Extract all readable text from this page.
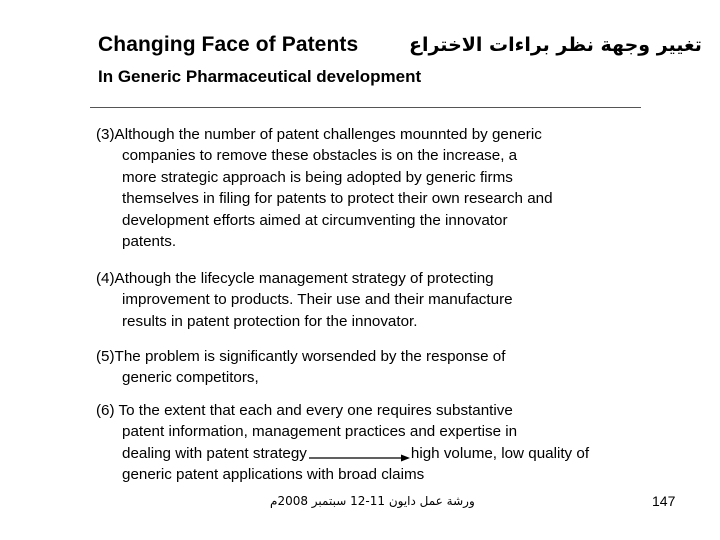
Changing Face of Patents	تغيير وجهة نظر براءات الاختراع
In Generic Pharmaceutical development
(3)Although the number of patent challenges mounnted by generic
companies to remove these obstacles is on the increase, a
more strategic approach is being adopted by generic firms
themselves in filing for patents to protect their own research and
development efforts aimed at circumventing the innovator
patents.
(4)Athough the lifecycle management strategy of protecting
improvement to products. Their use and their manufacture
results in patent protection for the innovator.
(5)The problem is significantly worsended by the response of
generic competitors,
(6) To the extent that each and every one requires substantive
patent information, management practices and expertise in
dealing with patent strategy	high volume, low quality of
generic patent applications with broad claims
ورشة عمل دايون 11-12 سبتمبر 2008م	147
